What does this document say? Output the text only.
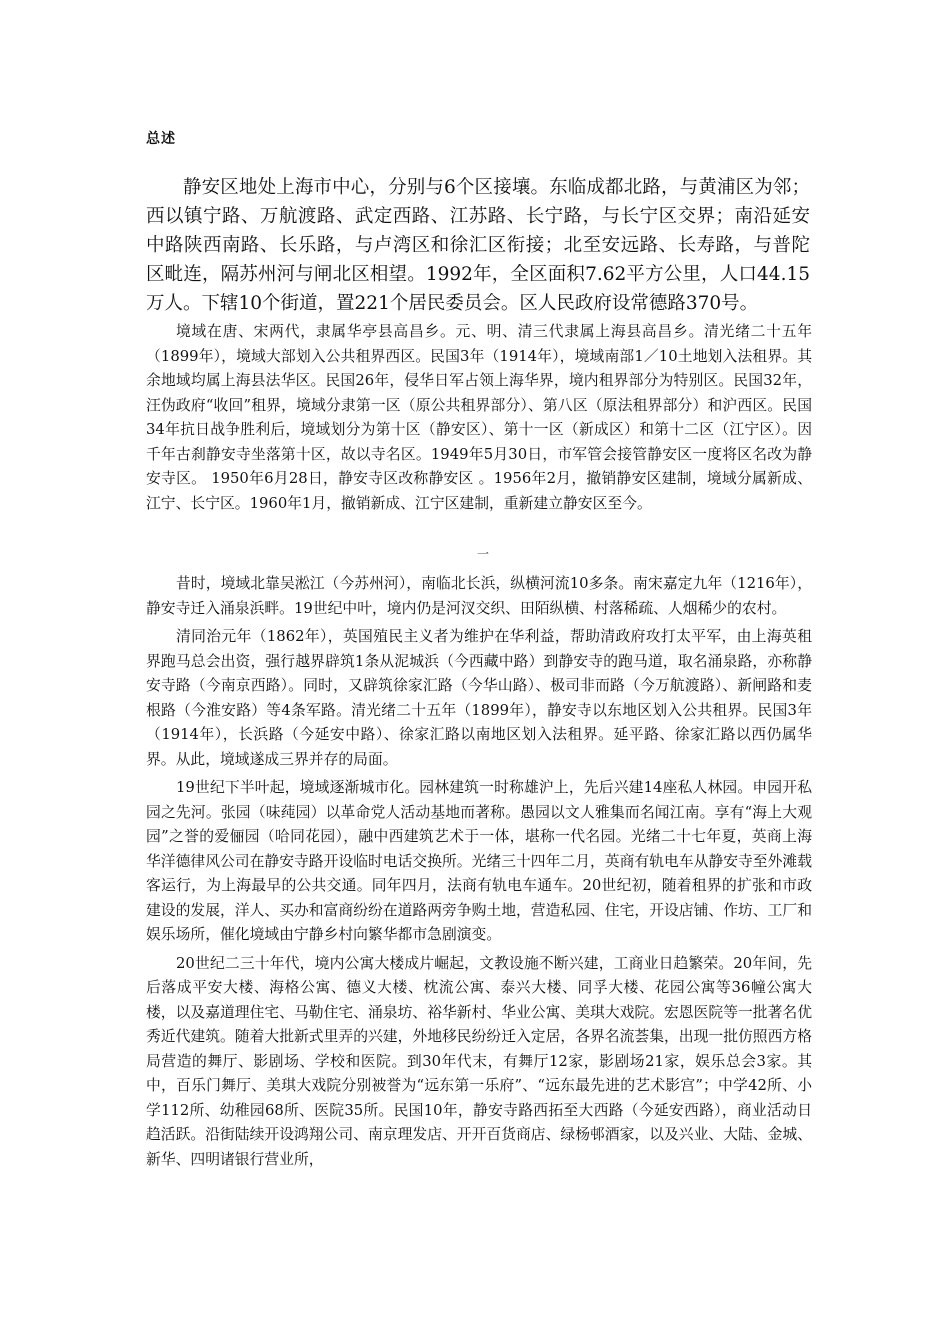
总述

静安区地处上海市中心，分别与6个区接壤。东临成都北路，与黄浦区为邻；西以镇宁路、万航渡路、武定西路、江苏路、长宁路，与长宁区交界；南沿延安中路陕西南路、长乐路，与卢湾区和徐汇区衔接；北至安远路、长寿路，与普陀区毗连，隔苏州河与闸北区相望。1992年，全区面积7.62平方公里，人口44.15万人。下辖10个街道，置221个居民委员会。区人民政府设常德路370号。

境域在唐、宋两代，隶属华亭县高昌乡。元、明、清三代隶属上海县高昌乡。清光绪二十五年（1899年），境域大部划入公共租界西区。民国3年（1914年），境域南部1／10土地划入法租界。其余地域均属上海县法华区。民国26年，侵华日军占领上海华界，境内租界部分为特别区。民国32年，汪伪政府“收回”租界，境域分隶第一区（原公共租界部分）、第八区（原法租界部分）和沪西区。民国34年抗日战争胜利后，境域划分为第十区（静安区）、第十一区（新成区）和第十二区（江宁区）。因千年古刹静安寺坐落第十区，故以寺名区。1949年5月30日，市军管会接管静安区一度将区名改为静安寺区。 1950年6月28日，静安寺区改称静安区 。1956年2月，撤销静安区建制，境域分属新成、江宁、长宁区。1960年1月，撤销新成、江宁区建制，重新建立静安区至今。

一

昔时，境域北靠吴淞江（今苏州河），南临北长浜，纵横河流10多条。南宋嘉定九年（1216年），静安寺迁入涌泉浜畔。19世纪中叶，境内仍是河汊交织、田陌纵横、村落稀疏、人烟稀少的农村。

清同治元年（1862年），英国殖民主义者为维护在华利益，帮助清政府攻打太平军，由上海英租界跑马总会出资，强行越界辟筑1条从泥城浜（今西藏中路）到静安寺的跑马道，取名涌泉路，亦称静安寺路（今南京西路）。同时，又辟筑徐家汇路（今华山路）、极司非而路（今万航渡路）、新闸路和麦根路（今淮安路）等4条军路。清光绪二十五年（1899年），静安寺以东地区划入公共租界。民国3年（1914年），长浜路（今延安中路）、徐家汇路以南地区划入法租界。延平路、徐家汇路以西仍属华界。从此，境域遂成三界并存的局面。

19世纪下半叶起，境域逐渐城市化。园林建筑一时称雄沪上，先后兴建14座私人林园。申园开私园之先河。张园（味莼园）以革命党人活动基地而著称。愚园以文人雅集而名闻江南。享有“海上大观园”之誉的爱俪园（哈同花园），融中西建筑艺术于一体，堪称一代名园。光绪二十七年夏，英商上海华洋德律风公司在静安寺路开设临时电话交换所。光绪三十四年二月，英商有轨电车从静安寺至外滩载客运行，为上海最早的公共交通。同年四月，法商有轨电车通车。20世纪初，随着租界的扩张和市政建设的发展，洋人、买办和富商纷纷在道路两旁争购土地，营造私园、住宅，开设店铺、作坊、工厂和娱乐场所，催化境域由宁静乡村向繁华都市急剧演变。

20世纪二三十年代，境内公寓大楼成片崛起，文教设施不断兴建，工商业日趋繁荣。20年间，先后落成平安大楼、海格公寓、德义大楼、枕流公寓、泰兴大楼、同孚大楼、花园公寓等36幢公寓大楼，以及嘉道理住宅、马勒住宅、涌泉坊、裕华新村、华业公寓、美琪大戏院。宏恩医院等一批著名优秀近代建筑。随着大批新式里弄的兴建，外地移民纷纷迁入定居，各界名流荟集，出现一批仿照西方格局营造的舞厅、影剧场、学校和医院。到30年代末，有舞厅12家，影剧场21家，娱乐总会3家。其中，百乐门舞厅、美琪大戏院分别被誉为“远东第一乐府”、“远东最先进的艺术影宫”；中学42所、小学112所、幼稚园68所、医院35所。民国10年，静安寺路西拓至大西路（今延安西路），商业活动日趋活跃。沿街陆续开设鸿翔公司、南京理发店、开开百货商店、绿杨邨酒家，以及兴业、大陆、金城、新华、四明诸银行营业所，
